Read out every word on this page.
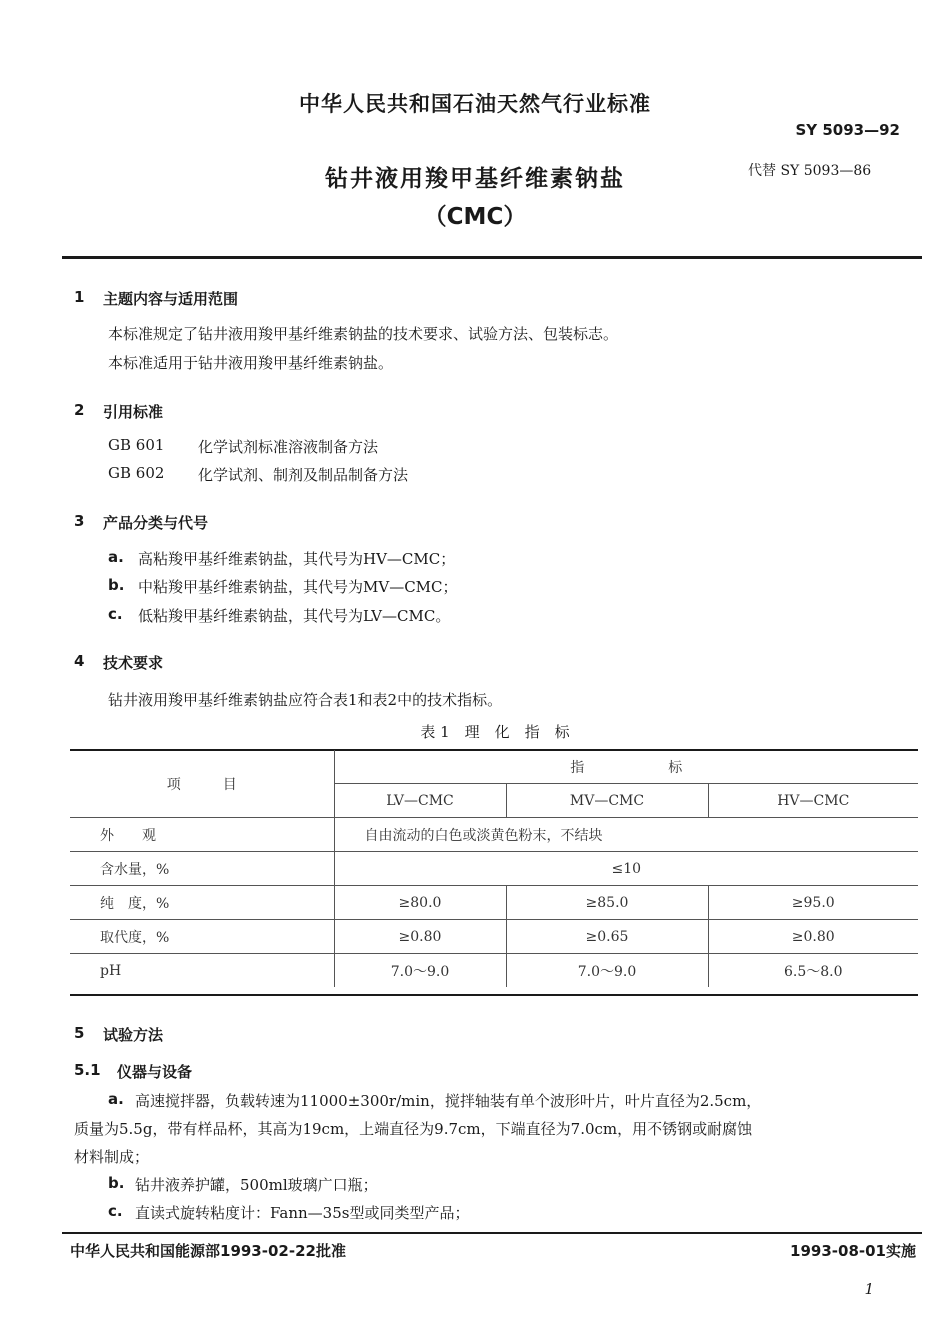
中华人民共和国石油天然气行业标准
SY 5093—92
钻井液用羧甲基纤维素钠盐
（CMC）
代替 SY 5093—86
1 主题内容与适用范围
本标准规定了钻井液用羧甲基纤维素钠盐的技术要求、试验方法、包装标志。
本标准适用于钻井液用羧甲基纤维素钠盐。
2 引用标准
GB 601 化学试剂标准溶液制备方法
GB 602 化学试剂、制剂及制品制备方法
3 产品分类与代号
a. 高粘羧甲基纤维素钠盐，其代号为HV—CMC；
b. 中粘羧甲基纤维素钠盐，其代号为MV—CMC；
c. 低粘羧甲基纤维素钠盐，其代号为LV—CMC。
4 技术要求
钻井液用羧甲基纤维素钠盐应符合表1和表2中的技术指标。
表 1　理　化　指　标
项　　　目	指　　　　　　标		
	LV—CMC	MV—CMC	HV—CMC
外　　观	自由流动的白色或淡黄色粉末，不结块		
含水量，%	≤10		
纯　度，%	≥80.0	≥85.0	≥95.0
取代度，%	≥0.80	≥0.65	≥0.80
pH	7.0～9.0	7.0～9.0	6.5～8.0
5 试验方法
5.1 仪器与设备
a. 高速搅拌器，负载转速为11000±300r/min，搅拌轴装有单个波形叶片，叶片直径为2.5cm，
质量为5.5g，带有样品杯，其高为19cm，上端直径为9.7cm，下端直径为7.0cm，用不锈钢或耐腐蚀
材料制成；
b. 钻井液养护罐，500ml玻璃广口瓶；
c. 直读式旋转粘度计：Fann—35s型或同类型产品；
中华人民共和国能源部1993-02-22批准	1993-08-01实施
1
